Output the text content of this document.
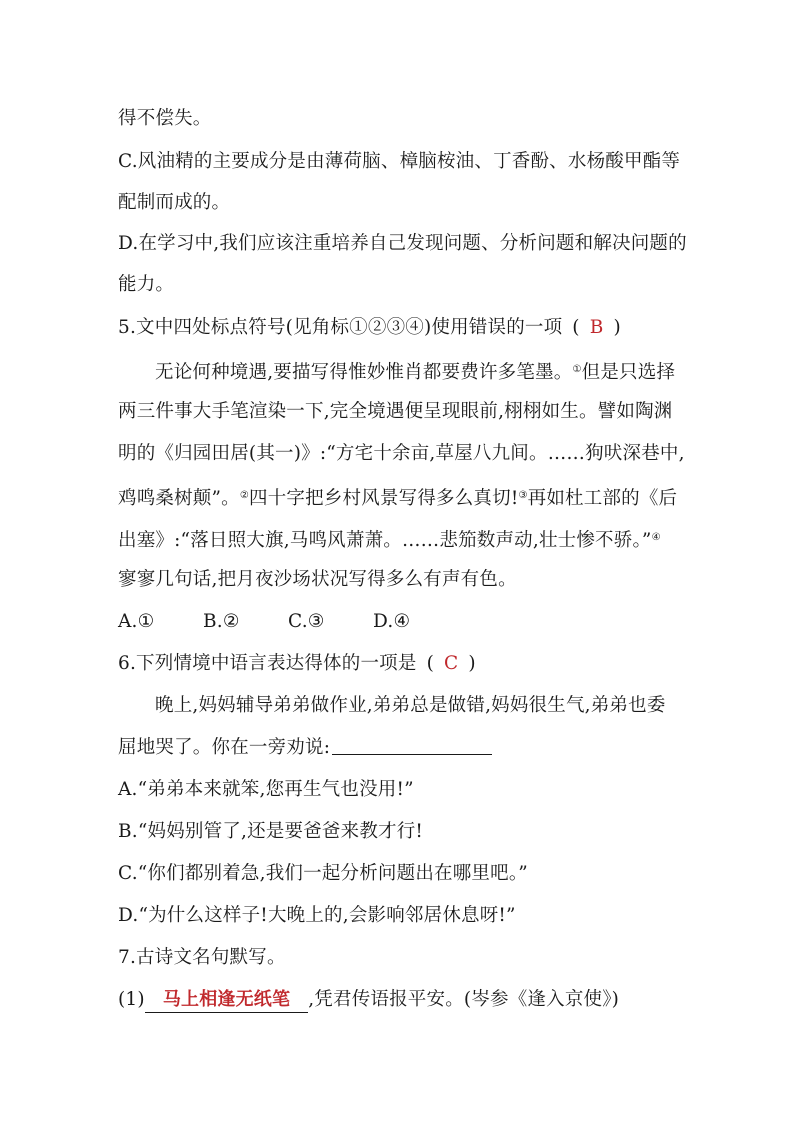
得不偿失。
C.风油精的主要成分是由薄荷脑、樟脑桉油、丁香酚、水杨酸甲酯等
配制而成的。
D.在学习中,我们应该注重培养自己发现问题、分析问题和解决问题的
能力。
5.文中四处标点符号(见角标①②③④)使用错误的一项 ( B )
无论何种境遇,要描写得惟妙惟肖都要费许多笔墨。①但是只选择
两三件事大手笔渲染一下,完全境遇便呈现眼前,栩栩如生。譬如陶渊
明的《归园田居(其一)》:“方宅十余亩,草屋八九间。……狗吠深巷中,
鸡鸣桑树颠”。②四十字把乡村风景写得多么真切!③再如杜工部的《后
出塞》:“落日照大旗,马鸣风萧萧。……悲笳数声动,壮士惨不骄。”④
寥寥几句话,把月夜沙场状况写得多么有声有色。
A.①	B.②	C.③	D.④
6.下列情境中语言表达得体的一项是 ( C )
晚上,妈妈辅导弟弟做作业,弟弟总是做错,妈妈很生气,弟弟也委
屈地哭了。你在一旁劝说:
A.“弟弟本来就笨,您再生气也没用!”
B.“妈妈别管了,还是要爸爸来教才行!
C.“你们都别着急,我们一起分析问题出在哪里吧。”
D.“为什么这样子!大晚上的,会影响邻居休息呀!”
7.古诗文名句默写。
(1) 马上相逢无纸笔 ,凭君传语报平安。(岑参《逢入京使》)
